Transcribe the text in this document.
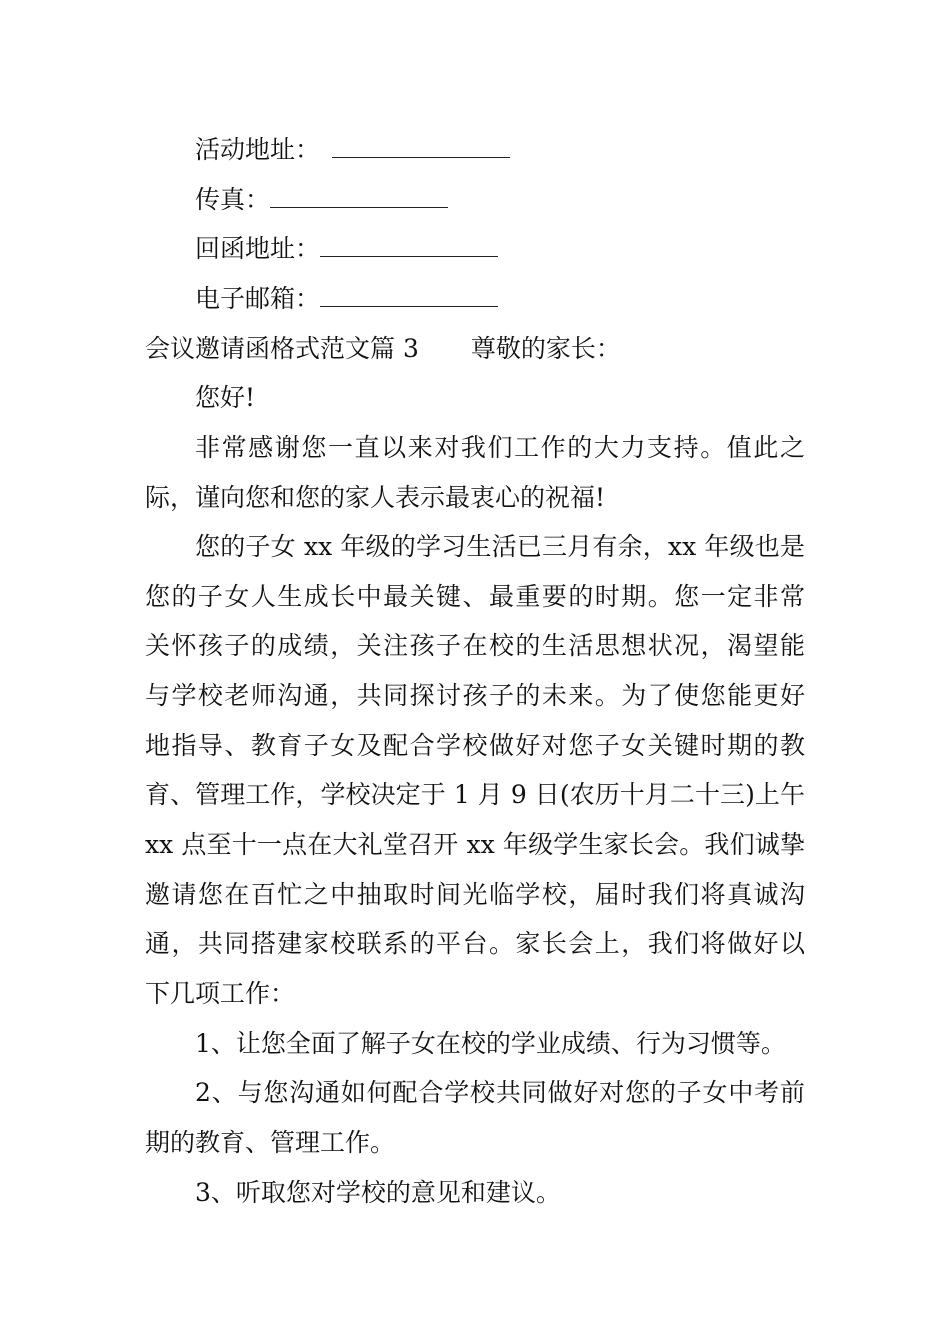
活动地址：
传真：
回函地址：
电子邮箱：
会议邀请函格式范文篇 3 尊敬的家长：
您好!
非常感谢您一直以来对我们工作的大力支持。值此之
际，谨向您和您的家人表示最衷心的祝福!
您的子女 xx 年级的学习生活已三月有余，xx 年级也是
您的子女人生成长中最关键、最重要的时期。您一定非常
关怀孩子的成绩，关注孩子在校的生活思想状况，渴望能
与学校老师沟通，共同探讨孩子的未来。为了使您能更好
地指导、教育子女及配合学校做好对您子女关键时期的教
育、管理工作，学校决定于 1 月 9 日(农历十月二十三)上午
xx 点至十一点在大礼堂召开 xx 年级学生家长会。我们诚挚
邀请您在百忙之中抽取时间光临学校，届时我们将真诚沟
通，共同搭建家校联系的平台。家长会上，我们将做好以
下几项工作：
1、让您全面了解子女在校的学业成绩、行为习惯等。
2、与您沟通如何配合学校共同做好对您的子女中考前
期的教育、管理工作。
3、听取您对学校的意见和建议。
